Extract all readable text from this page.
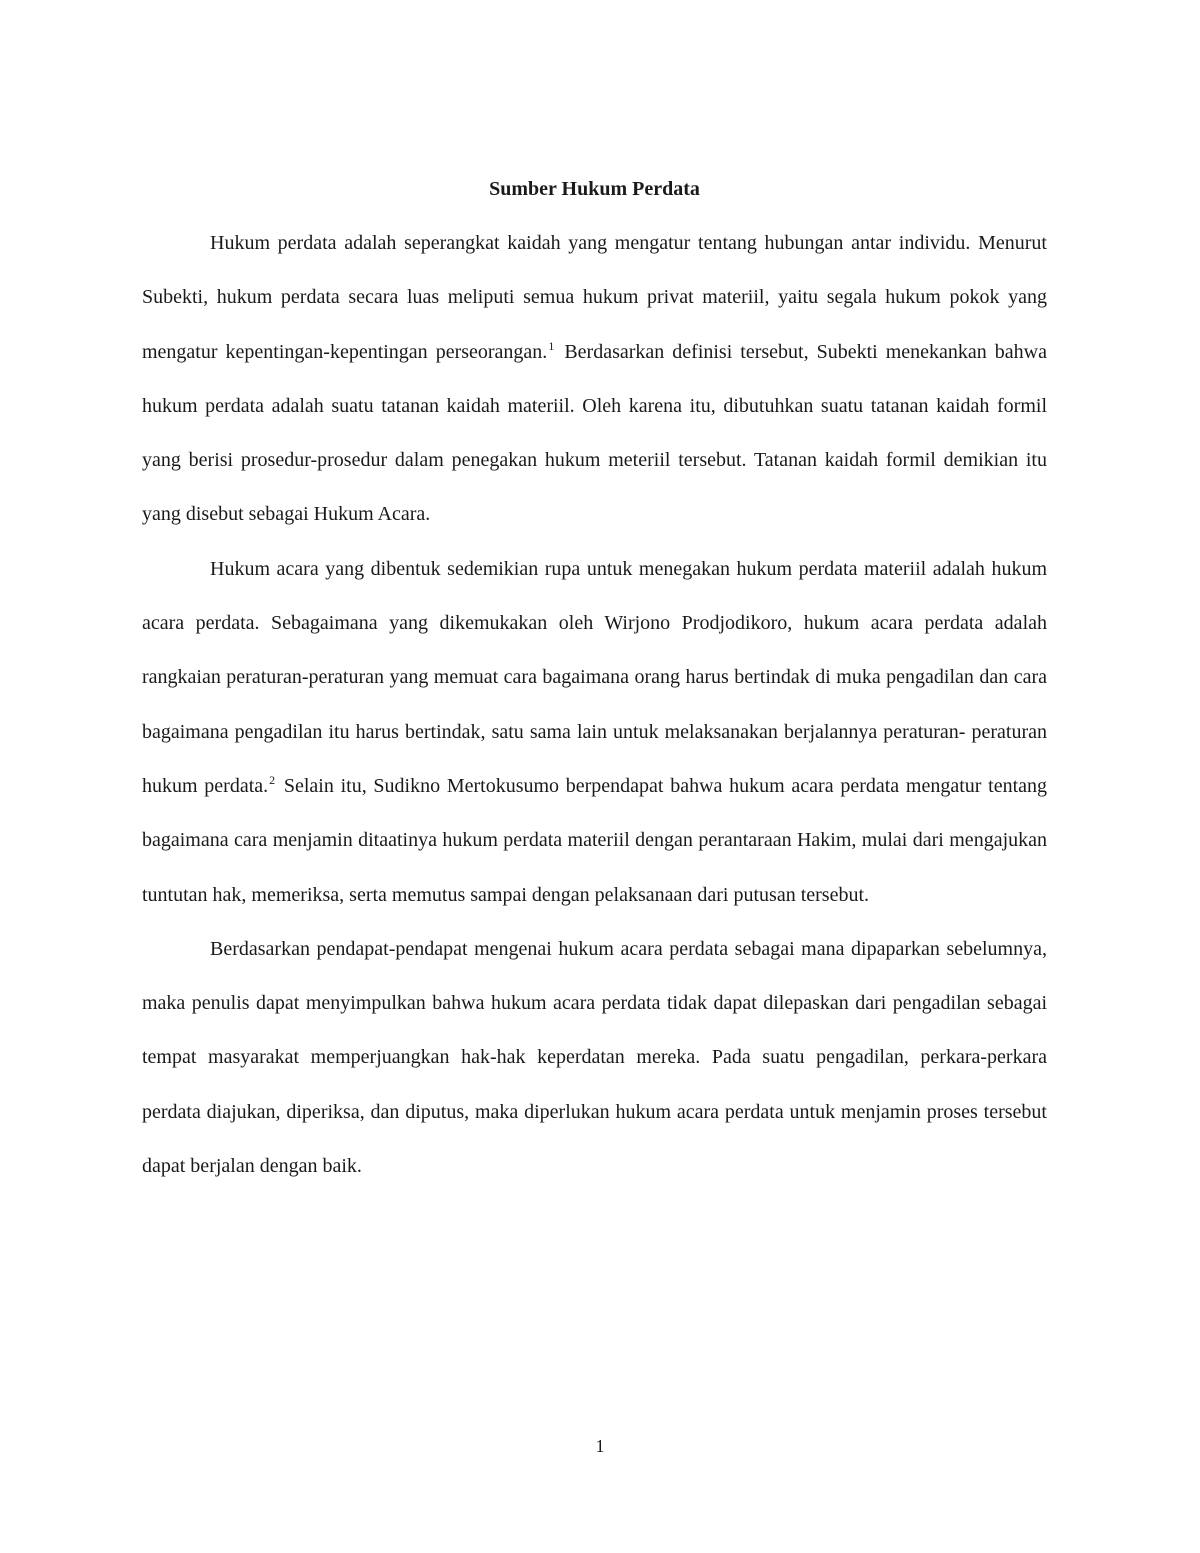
Sumber Hukum Perdata

Hukum perdata adalah seperangkat kaidah yang mengatur tentang hubungan antar individu. Menurut Subekti, hukum perdata secara luas meliputi semua hukum privat materiil, yaitu segala hukum pokok yang mengatur kepentingan-kepentingan perseorangan.$^1$ Berdasarkan definisi tersebut, Subekti menekankan bahwa hukum perdata adalah suatu tatanan kaidah materiil. Oleh karena itu, dibutuhkan suatu tatanan kaidah formil yang berisi prosedur-prosedur dalam penegakan hukum meteriil tersebut. Tatanan kaidah formil demikian itu yang disebut sebagai Hukum Acara.

Hukum acara yang dibentuk sedemikian rupa untuk menegakan hukum perdata materiil adalah hukum acara perdata. Sebagaimana yang dikemukakan oleh Wirjono Prodjodikoro, hukum acara perdata adalah rangkaian peraturan-peraturan yang memuat cara bagaimana orang harus bertindak di muka pengadilan dan cara bagaimana pengadilan itu harus bertindak, satu sama lain untuk melaksanakan berjalannya peraturan- peraturan hukum perdata.$^2$ Selain itu, Sudikno Mertokusumo berpendapat bahwa hukum acara perdata mengatur tentang bagaimana cara menjamin ditaatinya hukum perdata materiil dengan perantaraan Hakim, mulai dari mengajukan tuntutan hak, memeriksa, serta memutus sampai dengan pelaksanaan dari putusan tersebut.

Berdasarkan pendapat-pendapat mengenai hukum acara perdata sebagai mana dipaparkan sebelumnya, maka penulis dapat menyimpulkan bahwa hukum acara perdata tidak dapat dilepaskan dari pengadilan sebagai tempat masyarakat memperjuangkan hak-hak keperdatan mereka. Pada suatu pengadilan, perkara-perkara perdata diajukan, diperiksa, dan diputus, maka diperlukan hukum acara perdata untuk menjamin proses tersebut dapat berjalan dengan baik.

1
